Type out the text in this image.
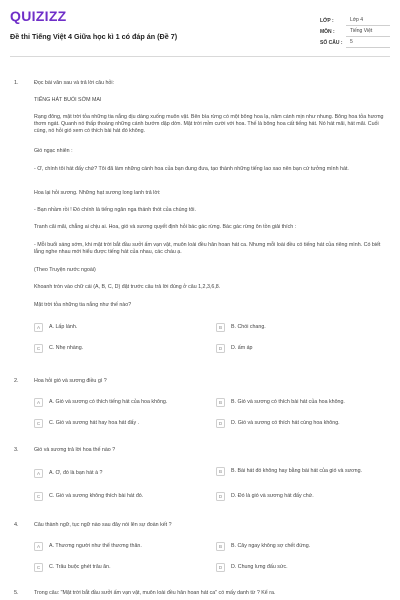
QUIZIZZ
Đề thi Tiếng Việt 4 Giữa học kì 1 có đáp án (Đề 7)
LỚP :	Lớp 4
MÔN :	Tiếng Việt
SỐ CÂU :	5
1.	Đọc bài văn sau và trả lời câu hỏi:
TIẾNG HÁT BUỔI SỚM MAI
Rạng đông, mặt trời tỏa những tia nắng dịu dàng xuống muôn vật. Bên bìa rừng có một bông hoa lạ, năm cánh mịn như nhung. Bông hoa tỏa hương thơm ngát. Quanh nó thấp thoáng những cánh bướm dập dờn. Mặt trời mỉm cười với hoa. Thế là bông hoa cất tiếng hát. Nó hát mãi, hát mãi. Cuối cùng, nó hỏi gió xem có thích bài hát đó không.
Gió ngạc nhiên :
- Ơ, chính tôi hát đấy chứ? Tôi đã làm những cánh hoa của bạn đung đưa, tạo thành những tiếng lao xao nên bạn cứ tưởng mình hát.
Hoa lại hỏi sương. Những hạt sương long lanh trả lời:
- Bạn nhầm rồi ! Đó chính là tiếng ngân nga thánh thót của chúng tôi.
Tranh cãi mãi, chẳng ai chịu ai. Hoa, gió và sương quyết định hỏi bác gác rừng. Bác gác rừng ôn tồn giải thích :
- Mỗi buổi sáng sớm, khi mặt trời bắt đầu sưởi ấm vạn vật, muôn loài đều hân hoan hát ca. Nhưng mỗi loài đều có tiếng hát của riêng mình. Có biết lắng nghe nhau mới hiểu được tiếng hát của nhau, các cháu ạ.
(Theo Truyện nước ngoài)
Khoanh tròn vào chữ cái (A, B, C, D) đặt trước câu trả lời đúng ở câu 1,2,3,6,8.
Mặt trời tỏa những tia nắng như thế nào?
A	A. Lấp lánh.	B	B. Chói chang.
C	C. Nhẹ nhàng.	D	D. ấm áp
2.	Hoa hỏi gió và sương điều gì ?
A	A. Gió và sương có thích tiếng hát của hoa không.	B	B. Gió và sương có thích bài hát của hoa không.
C	C. Gió và sương hát hay hoa hát đấy .	D	D. Gió và sương có thích hát cùng hoa không.
3.	Gió và sương trả lời hoa thế nào ?
A	A. Ơ, đó là bạn hát à ?	B	B. Bài hát đó không hay bằng bài hát của gió và sương.
C	C. Gió và sương không thích bài hát đó.	D	D. Đó là gió và sương hát đấy chứ.
4.	Câu thành ngữ, tục ngữ nào sau đây nói lên sự đoàn kết ?
A	A. Thương người như thể thương thân.	B	B. Cây ngay không sợ chết đứng.
C	C. Trâu buộc ghét trâu ăn.	D	D. Chung lưng đấu sức.
5.	Trong câu: "Mặt trời bắt đầu sưởi ấm vạn vật, muôn loài đều hân hoan hát ca" có mấy danh từ ? Kể ra.
